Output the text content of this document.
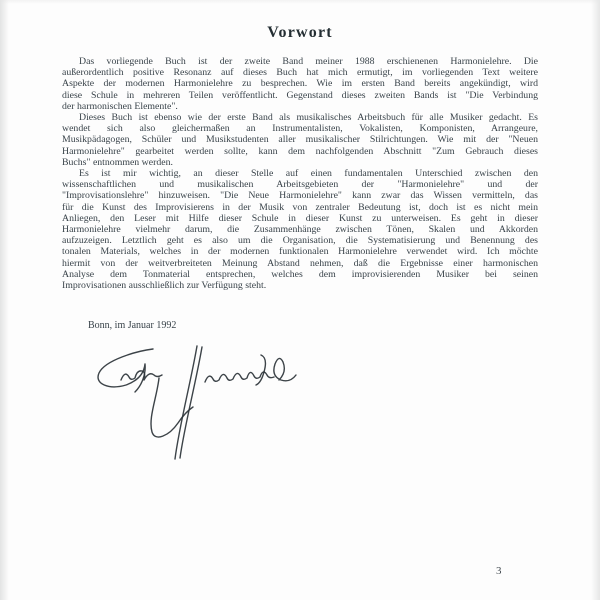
Vorwort
Das vorliegende Buch ist der zweite Band meiner 1988 erschienenen Harmonielehre. Die
außerordentlich positive Resonanz auf dieses Buch hat mich ermutigt, im vorliegenden Text weitere
Aspekte der modernen Harmonielehre zu besprechen. Wie im ersten Band bereits angekündigt, wird
diese Schule in mehreren Teilen veröffentlicht. Gegenstand dieses zweiten Bands ist "Die Verbindung
der harmonischen Elemente".
Dieses Buch ist ebenso wie der erste Band als musikalisches Arbeitsbuch für alle Musiker gedacht. Es
wendet sich also gleichermaßen an Instrumentalisten, Vokalisten, Komponisten, Arrangeure,
Musikpädagogen, Schüler und Musikstudenten aller musikalischer Stilrichtungen. Wie mit der "Neuen
Harmonielehre" gearbeitet werden sollte, kann dem nachfolgenden Abschnitt "Zum Gebrauch dieses
Buchs" entnommen werden.
Es ist mir wichtig, an dieser Stelle auf einen fundamentalen Unterschied zwischen den
wissenschaftlichen und musikalischen Arbeitsgebieten der "Harmonielehre" und der
"Improvisationslehre" hinzuweisen. "Die Neue Harmonielehre" kann zwar das Wissen vermitteln, das
für die Kunst des Improvisierens in der Musik von zentraler Bedeutung ist, doch ist es nicht mein
Anliegen, den Leser mit Hilfe dieser Schule in dieser Kunst zu unterweisen. Es geht in dieser
Harmonielehre vielmehr darum, die Zusammenhänge zwischen Tönen, Skalen und Akkorden
aufzuzeigen. Letztlich geht es also um die Organisation, die Systematisierung und Benennung des
tonalen Materials, welches in der modernen funktionalen Harmonielehre verwendet wird. Ich möchte
hiermit von der weitverbreiteten Meinung Abstand nehmen, daß die Ergebnisse einer harmonischen
Analyse dem Tonmaterial entsprechen, welches dem improvisierenden Musiker bei seinen
Improvisationen ausschließlich zur Verfügung steht.
Bonn, im Januar 1992
3
